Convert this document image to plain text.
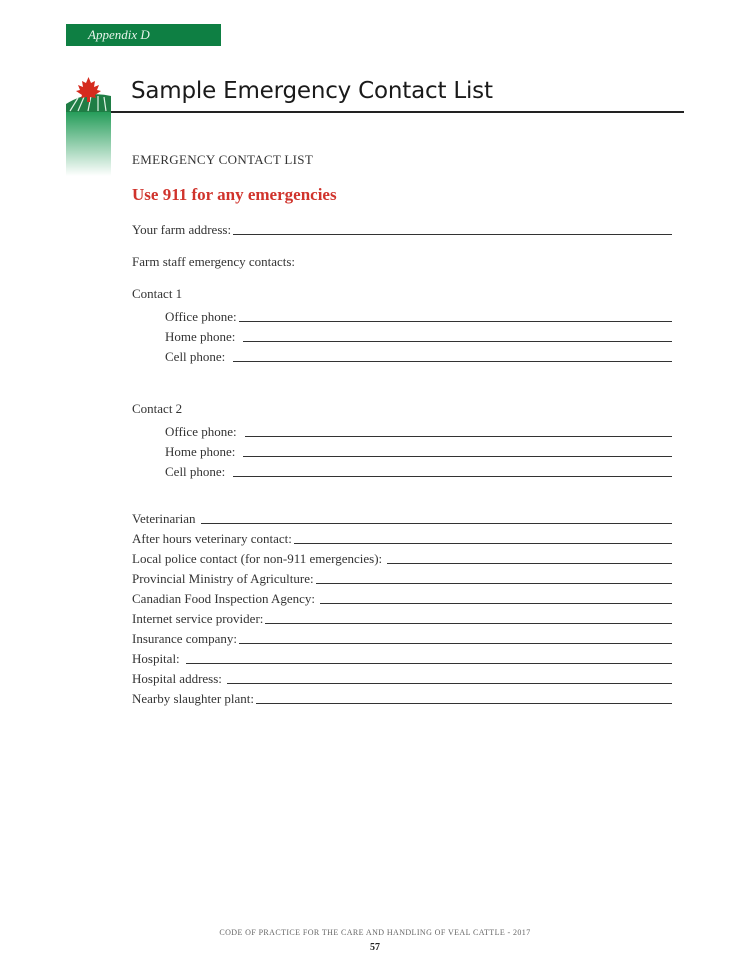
Appendix D
Sample Emergency Contact List
EMERGENCY CONTACT LIST
Use 911 for any emergencies
Your farm address:
Farm staff emergency contacts:
Contact 1
Office phone:
Home phone:
Cell phone:
Contact 2
Office phone:
Home phone:
Cell phone:
Veterinarian
After hours veterinary contact:
Local police contact (for non-911 emergencies):
Provincial Ministry of Agriculture:
Canadian Food Inspection Agency:
Internet service provider:
Insurance company:
Hospital:
Hospital address:
Nearby slaughter plant:
CODE OF PRACTICE FOR THE CARE AND HANDLING OF VEAL CATTLE - 2017
57
